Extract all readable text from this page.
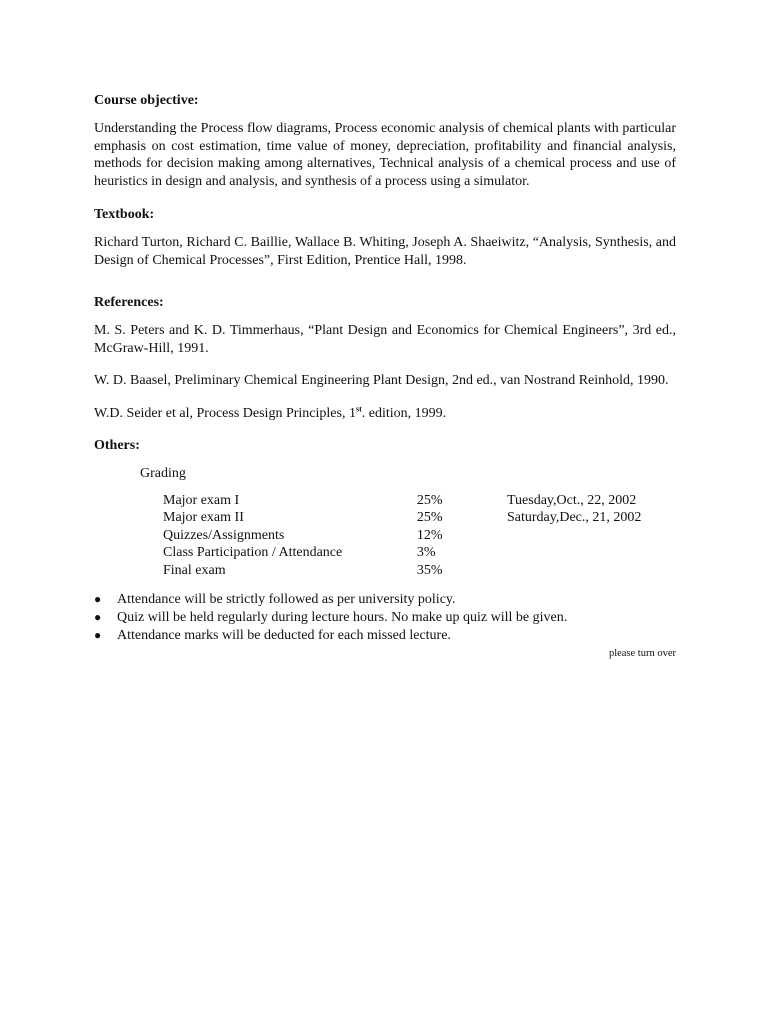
Course objective:

Understanding the Process flow diagrams, Process economic analysis of chemical plants with particular emphasis on cost estimation, time value of money, depreciation, profitability and financial analysis, methods for decision making among alternatives, Technical analysis of a chemical process and use of heuristics in design and analysis, and synthesis of a process using a simulator.

Textbook:

Richard Turton, Richard C. Baillie, Wallace B. Whiting, Joseph A. Shaeiwitz, “Analysis, Synthesis, and Design of Chemical Processes”, First Edition, Prentice Hall, 1998.

References:

M. S. Peters and K. D. Timmerhaus, “Plant Design and Economics for Chemical Engineers”, 3rd ed., McGraw-Hill, 1991.

W. D. Baasel, Preliminary Chemical Engineering Plant Design, 2nd ed., van Nostrand Reinhold, 1990.

W.D. Seider et al, Process Design Principles, 1st. edition, 1999.

Others:

Grading
Major exam I	25%	Tuesday,Oct., 22, 2002
Major exam II	25%	Saturday,Dec., 21, 2002
Quizzes/Assignments	12%	
Class Participation / Attendance	3%	
Final exam	35%	
● Attendance will be strictly followed as per university policy.
● Quiz will be held regularly during lecture hours. No make up quiz will be given.
● Attendance marks will be deducted for each missed lecture.
please turn over
